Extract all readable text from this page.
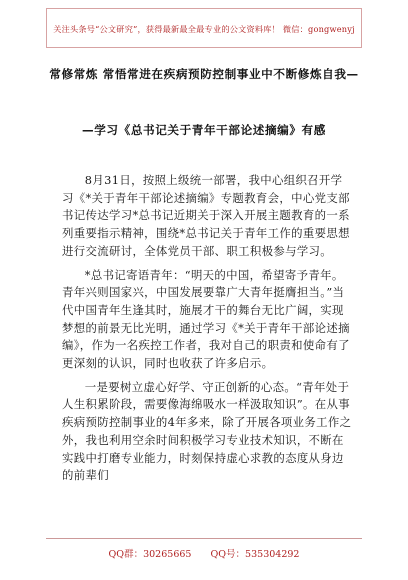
关注头条号“公文研究”，获得最新最全最专业的公文资料库！ 微信：gongwenyj
常修常炼 常悟常进在疾病预防控制事业中不断修炼自我—
—学习《总书记关于青年干部论述摘编》有感

8月31日，按照上级统一部署，我中心组织召开学习《*关于青年干部论述摘编》专题教育会，中心党支部书记传达学习*总书记近期关于深入开展主题教育的一系列重要指示精神，围绕*总书记关于青年工作的重要思想进行交流研讨，全体党员干部、职工积极参与学习。

*总书记寄语青年：“明天的中国，希望寄予青年。青年兴则国家兴，中国发展要靠广大青年挺膺担当。”当代中国青年生逢其时，施展才干的舞台无比广阔，实现梦想的前景无比光明，通过学习《*关于青年干部论述摘编》，作为一名疾控工作者，我对自己的职责和使命有了更深刻的认识，同时也收获了许多启示。

一是要树立虚心好学、守正创新的心态。“青年处于人生积累阶段，需要像海绵吸水一样汲取知识”。在从事疾病预防控制事业的4年多来，除了开展各项业务工作之外，我也利用空余时间积极学习专业技术知识，不断在实践中打磨专业能力，时刻保持虚心求教的态度从身边的前辈们

QQ群：30265665 QQ号：535304292
